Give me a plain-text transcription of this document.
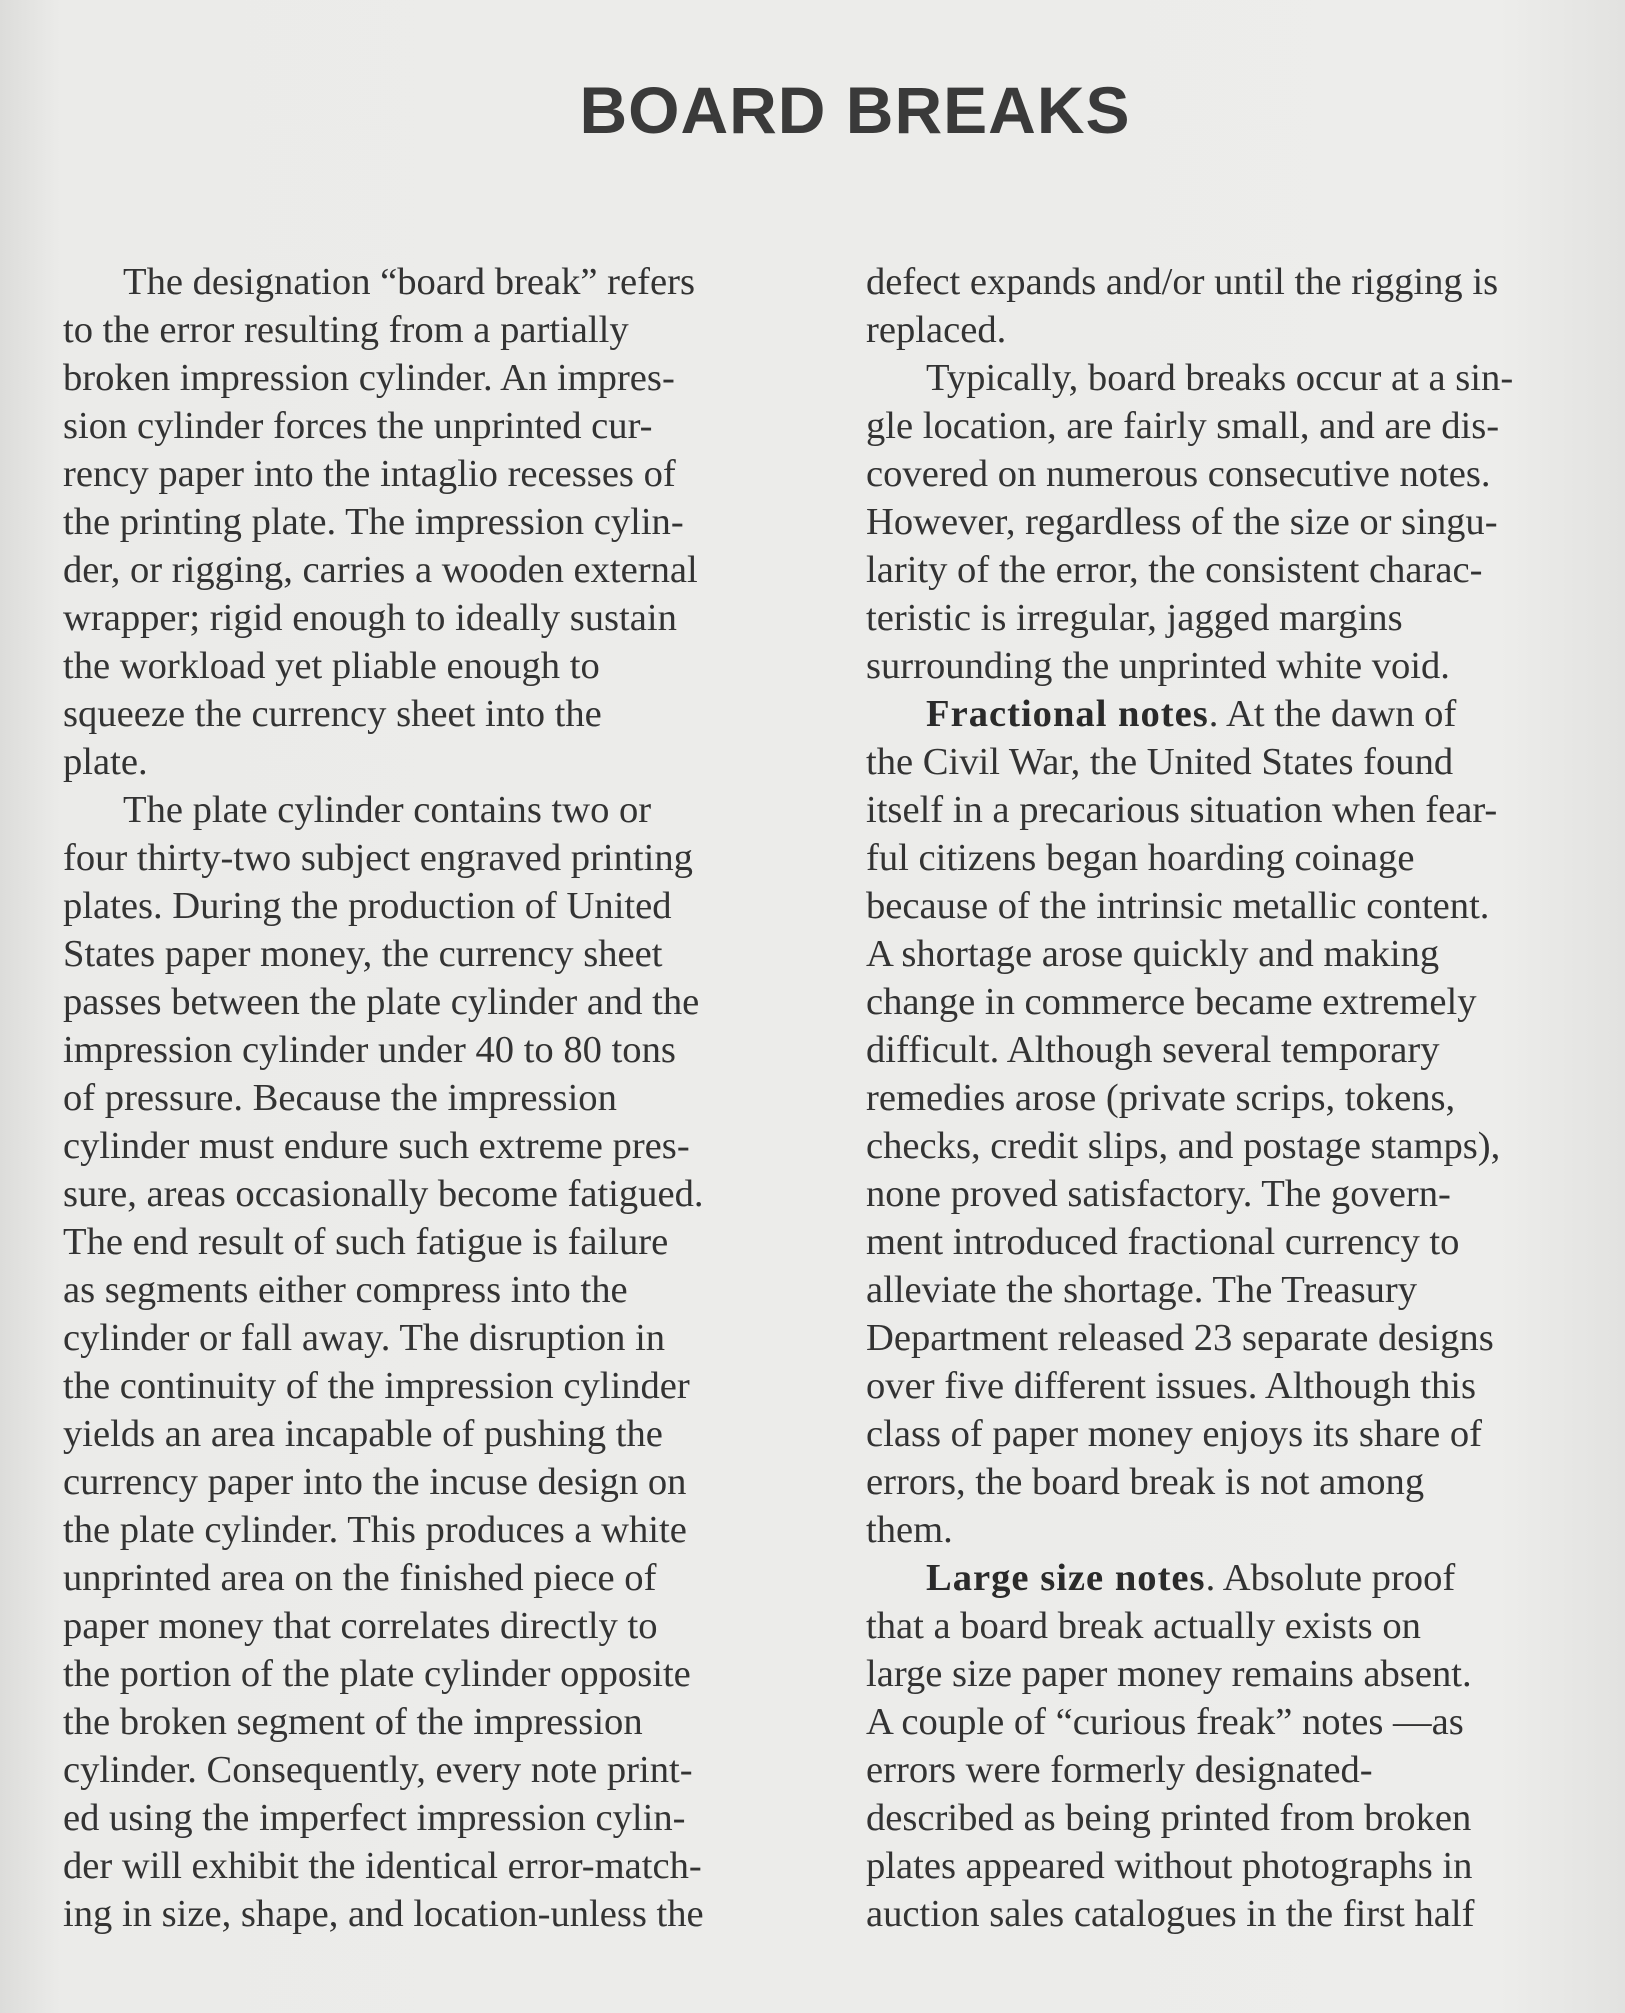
BOARD BREAKS
The designation “board break” refers
to the error resulting from a partially
broken impression cylinder. An impres-
sion cylinder forces the unprinted cur-
rency paper into the intaglio recesses of
the printing plate. The impression cylin-
der, or rigging, carries a wooden external
wrapper; rigid enough to ideally sustain
the workload yet pliable enough to
squeeze the currency sheet into the
plate.
The plate cylinder contains two or
four thirty-two subject engraved printing
plates. During the production of United
States paper money, the currency sheet
passes between the plate cylinder and the
impression cylinder under 40 to 80 tons
of pressure. Because the impression
cylinder must endure such extreme pres-
sure, areas occasionally become fatigued.
The end result of such fatigue is failure
as segments either compress into the
cylinder or fall away. The disruption in
the continuity of the impression cylinder
yields an area incapable of pushing the
currency paper into the incuse design on
the plate cylinder. This produces a white
unprinted area on the finished piece of
paper money that correlates directly to
the portion of the plate cylinder opposite
the broken segment of the impression
cylinder. Consequently, every note print-
ed using the imperfect impression cylin-
der will exhibit the identical error-match-
ing in size, shape, and location-unless the
defect expands and/or until the rigging is
replaced.
Typically, board breaks occur at a sin-
gle location, are fairly small, and are dis-
covered on numerous consecutive notes.
However, regardless of the size or singu-
larity of the error, the consistent charac-
teristic is irregular, jagged margins
surrounding the unprinted white void.
Fractional notes. At the dawn of
the Civil War, the United States found
itself in a precarious situation when fear-
ful citizens began hoarding coinage
because of the intrinsic metallic content.
A shortage arose quickly and making
change in commerce became extremely
difficult. Although several temporary
remedies arose (private scrips, tokens,
checks, credit slips, and postage stamps),
none proved satisfactory. The govern-
ment introduced fractional currency to
alleviate the shortage. The Treasury
Department released 23 separate designs
over five different issues. Although this
class of paper money enjoys its share of
errors, the board break is not among
them.
Large size notes. Absolute proof
that a board break actually exists on
large size paper money remains absent.
A couple of “curious freak” notes —as
errors were formerly designated-
described as being printed from broken
plates appeared without photographs in
auction sales catalogues in the first half
